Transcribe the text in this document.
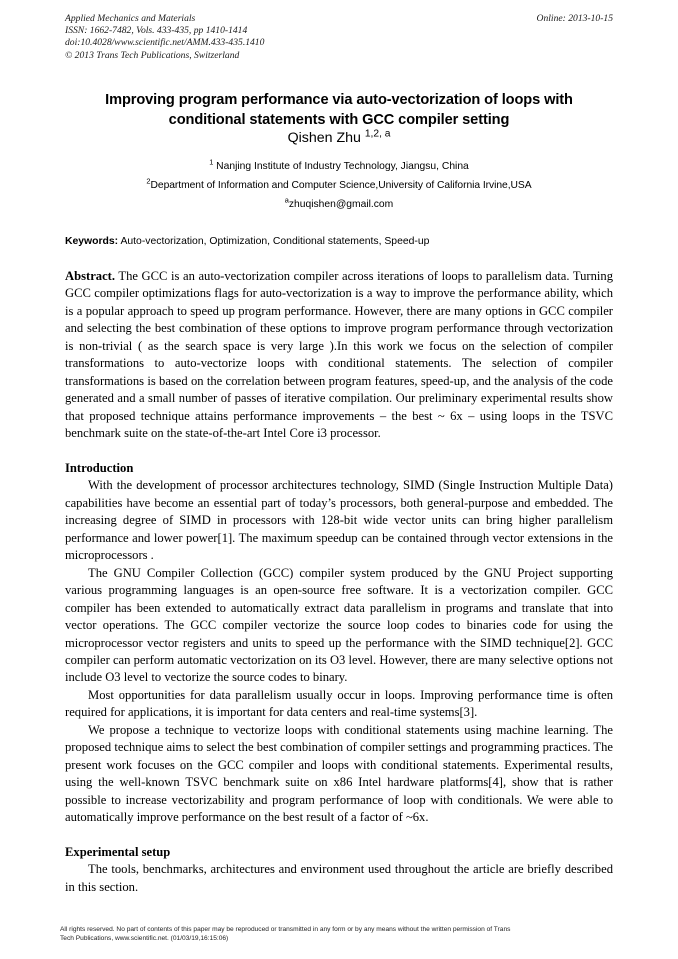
Applied Mechanics and Materials	Online: 2013-10-15
ISSN: 1662-7482, Vols. 433-435, pp 1410-1414
doi:10.4028/www.scientific.net/AMM.433-435.1410
© 2013 Trans Tech Publications, Switzerland
Improving program performance via auto-vectorization of loops with conditional statements with GCC compiler setting
Qishen Zhu $^{1,2, a}$
$^1$ Nanjing Institute of Industry Technology, Jiangsu, China
$^2$Department of Information and Computer Science,University of California Irvine,USA
$^a$zhuqishen@gmail.com
Keywords: Auto-vectorization, Optimization, Conditional statements, Speed-up

Abstract. The GCC is an auto-vectorization compiler across iterations of loops to parallelism data. Turning GCC compiler optimizations flags for auto-vectorization is a way to improve the performance ability, which is a popular approach to speed up program performance. However, there are many options in GCC compiler and selecting the best combination of these options to improve program performance through vectorization is non-trivial ( as the search space is very large ).In this work we focus on the selection of compiler transformations to auto-vectorize loops with conditional statements. The selection of compiler transformations is based on the correlation between program features, speed-up, and the analysis of the code generated and a small number of passes of iterative compilation. Our preliminary experimental results show that proposed technique attains performance improvements – the best ~ 6x – using loops in the TSVC benchmark suite on the state-of-the-art Intel Core i3 processor.

Introduction

With the development of processor architectures technology, SIMD (Single Instruction Multiple Data) capabilities have become an essential part of today’s processors, both general-purpose and embedded. The increasing degree of SIMD in processors with 128-bit wide vector units can bring higher parallelism performance and lower power[1]. The maximum speedup can be contained through vector extensions in the microprocessors .

The GNU Compiler Collection (GCC) compiler system produced by the GNU Project supporting various programming languages is an open-source free software. It is a vectorization compiler. GCC compiler has been extended to automatically extract data parallelism in programs and translate that into vector operations. The GCC compiler vectorize the source loop codes to binaries code for using the microprocessor vector registers and units to speed up the performance with the SIMD technique[2]. GCC compiler can perform automatic vectorization on its O3 level. However, there are many selective options not include O3 level to vectorize the source codes to binary.

Most opportunities for data parallelism usually occur in loops. Improving performance time is often required for applications, it is important for data centers and real-time systems[3].

We propose a technique to vectorize loops with conditional statements using machine learning. The proposed technique aims to select the best combination of compiler settings and programming practices. The present work focuses on the GCC compiler and loops with conditional statements. Experimental results, using the well-known TSVC benchmark suite on x86 Intel hardware platforms[4], show that is rather possible to increase vectorizability and program performance of loop with conditionals. We were able to automatically improve performance on the best result of a factor of ~6x.

Experimental setup

The tools, benchmarks, architectures and environment used throughout the article are briefly described in this section.

All rights reserved. No part of contents of this paper may be reproduced or transmitted in any form or by any means without the written permission of Trans
Tech Publications, www.scientific.net. (01/03/19,16:15:06)
